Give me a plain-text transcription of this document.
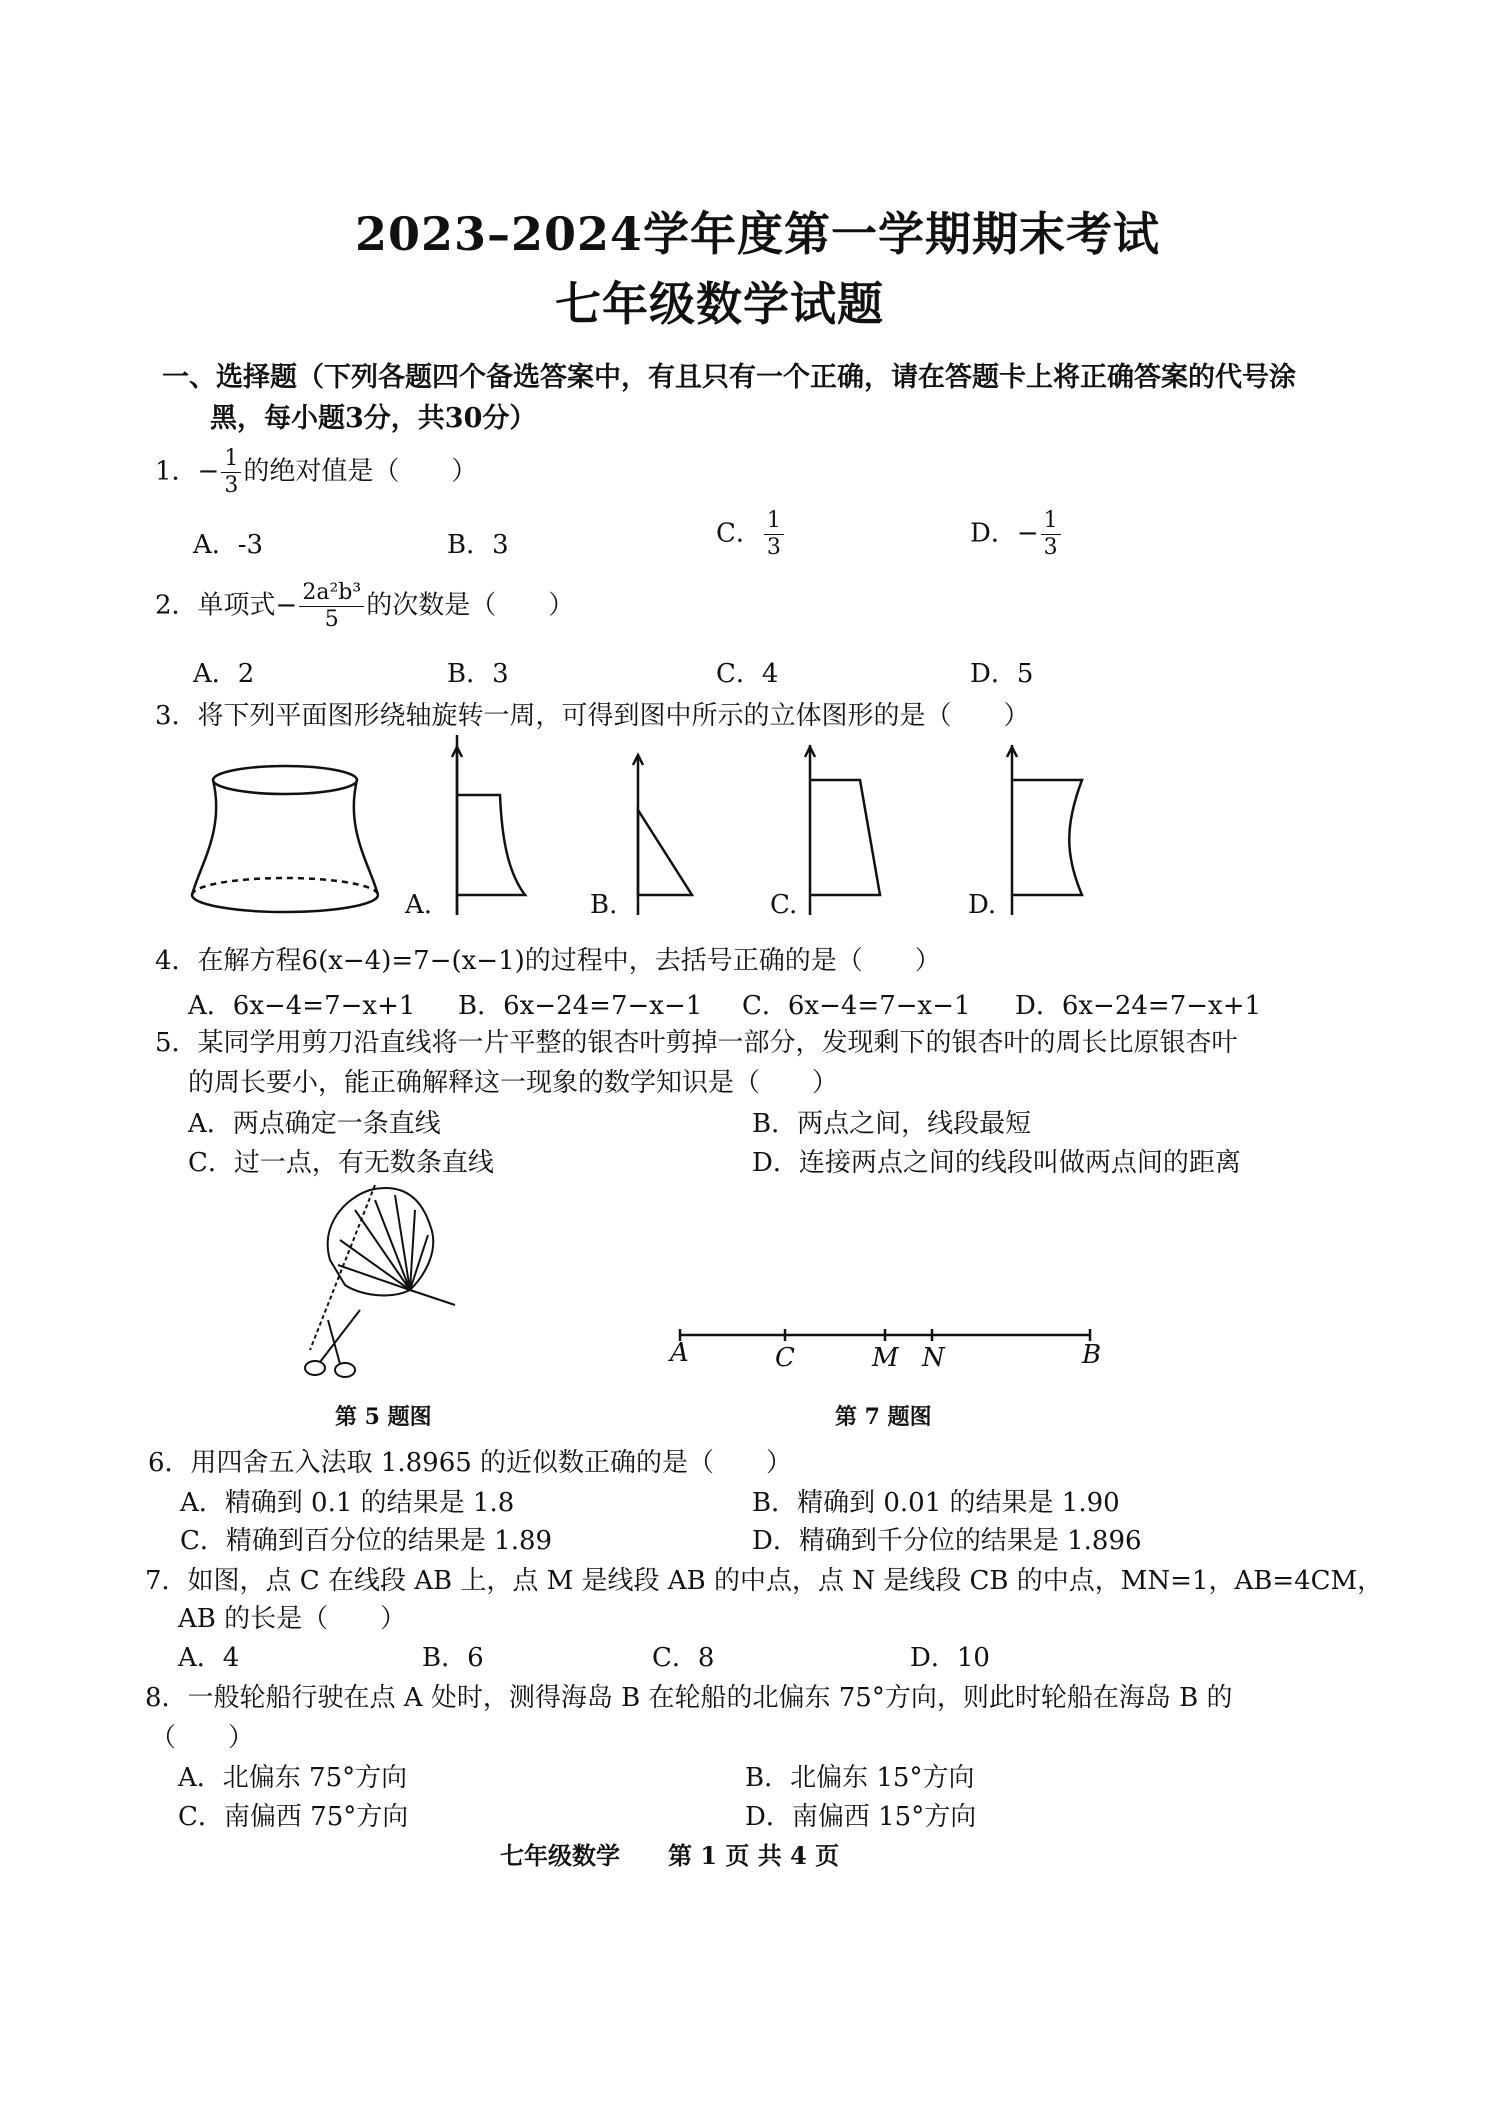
2023–2024学年度第一学期期末考试
七年级数学试题
一、选择题（下列各题四个备选答案中，有且只有一个正确，请在答题卡上将正确答案的代号涂
黑，每小题3分，共30分）
1．− $\frac{1}{3}$ 的绝对值是（　　）
A．-3	B．3	C． $\frac{1}{3}$	D．− $\frac{1}{3}$
2．单项式− $\frac{\text{2a²b³}}{5}$ 的次数是（　　）
A．2	B．3	C．4	D．5
3．将下列平面图形绕轴旋转一周，可得到图中所示的立体图形的是（　　）
A.	B.	C.	D.
4．在解方程6(x−4)=7−(x−1)的过程中，去括号正确的是（　　）
A．6x−4=7−x+1 B．6x−24=7−x−1 C．6x−4=7−x−1 D．6x−24=7−x+1
5．某同学用剪刀沿直线将一片平整的银杏叶剪掉一部分，发现剩下的银杏叶的周长比原银杏叶
的周长要小，能正确解释这一现象的数学知识是（　　）
A．两点确定一条直线	B．两点之间，线段最短
C．过一点，有无数条直线	D．连接两点之间的线段叫做两点间的距离
第 5 题图
A	C	M N	B
第 7 题图
6．用四舍五入法取 1.8965 的近似数正确的是（　　）
A．精确到 0.1 的结果是 1.8	B．精确到 0.01 的结果是 1.90
C．精确到百分位的结果是 1.89	D．精确到千分位的结果是 1.896
7．如图，点 C 在线段 AB 上，点 M 是线段 AB 的中点，点 N 是线段 CB 的中点，MN=1，AB=4CM，
AB 的长是（　　）
A．4	B．6	C．8	D．10
8．一般轮船行驶在点 A 处时，测得海岛 B 在轮船的北偏东 75°方向，则此时轮船在海岛 B 的
（　　）
A．北偏东 75°方向	B．北偏东 15°方向
C．南偏西 75°方向	D．南偏西 15°方向
七年级数学　　第 1 页 共 4 页
